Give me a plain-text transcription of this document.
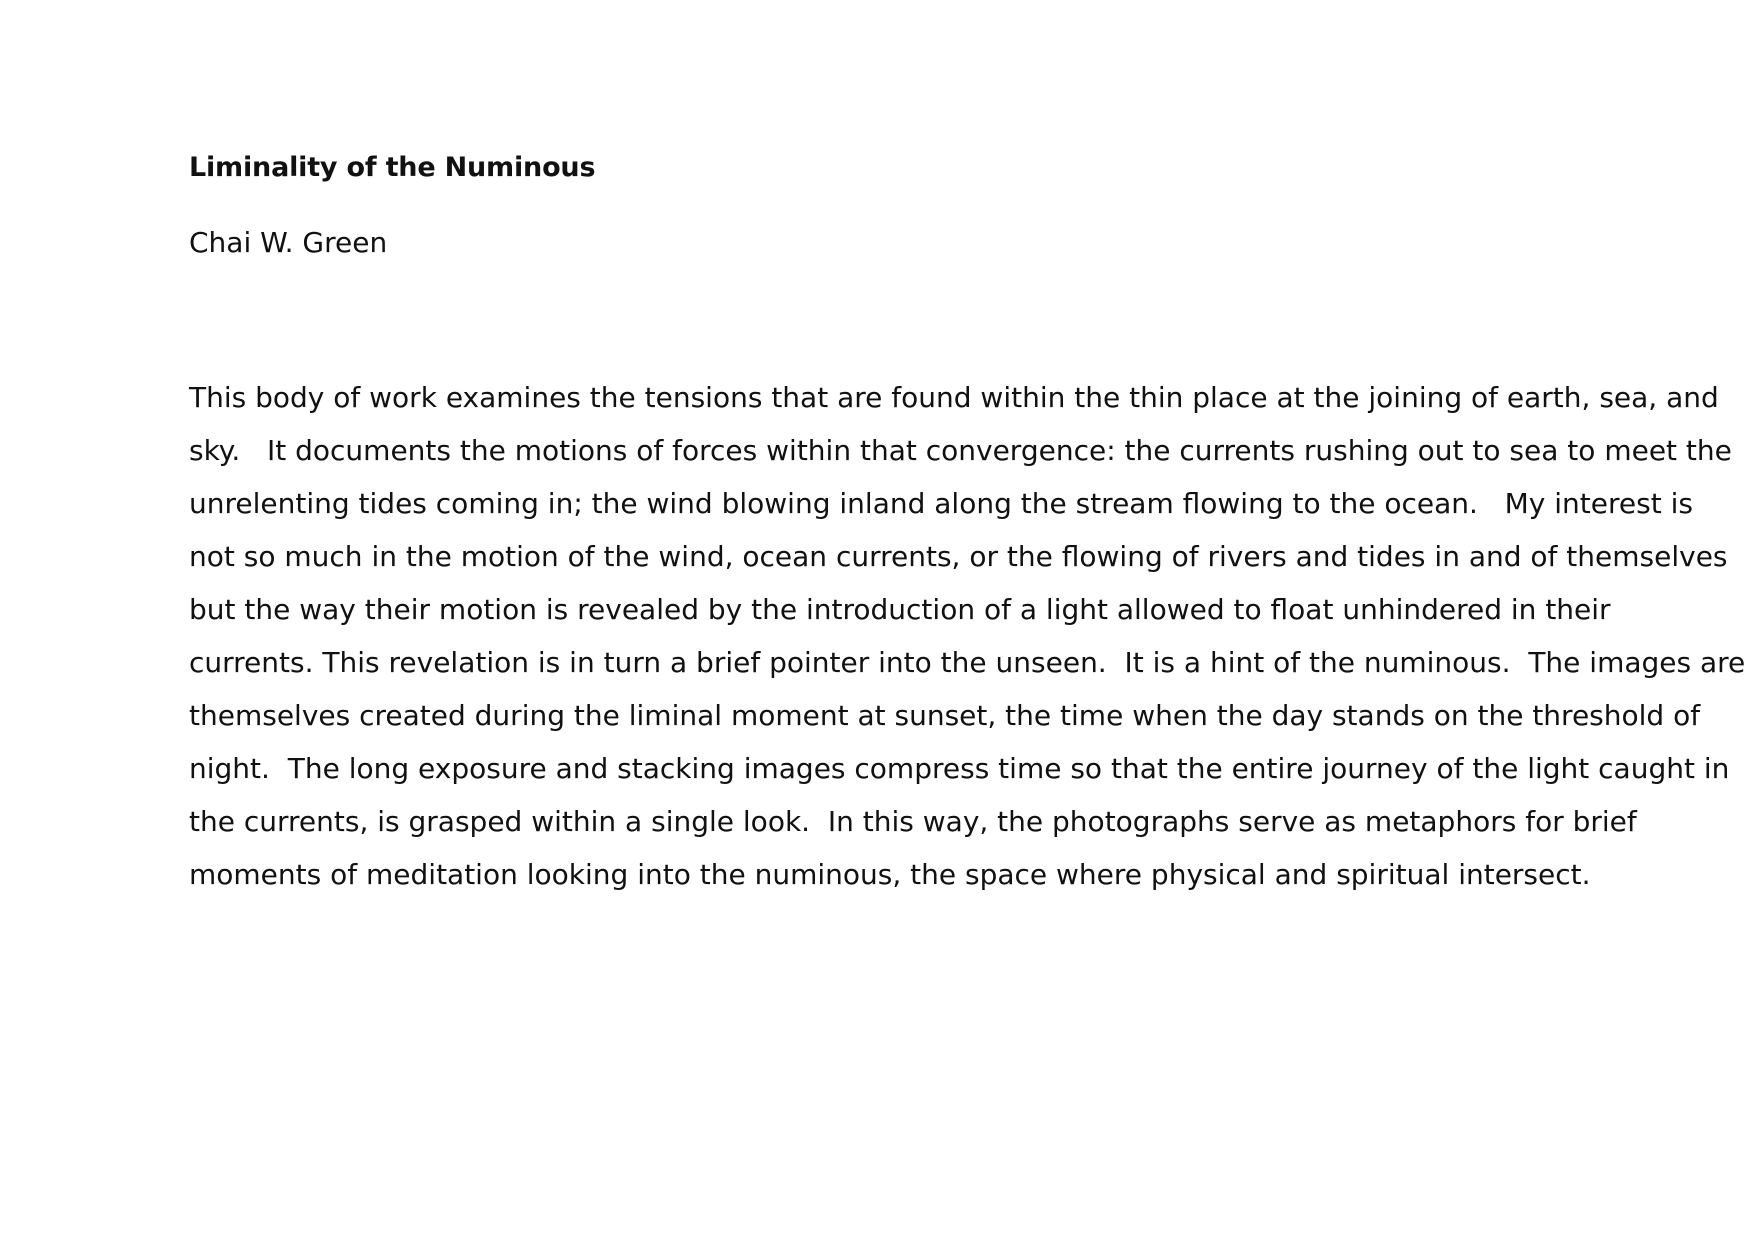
Liminality of the Numinous
Chai W. Green
This body of work examines the tensions that are found within the thin place at the joining of earth, sea, and
sky.   It documents the motions of forces within that convergence: the currents rushing out to sea to meet the
unrelenting tides coming in; the wind blowing inland along the stream flowing to the ocean.   My interest is
not so much in the motion of the wind, ocean currents, or the flowing of rivers and tides in and of themselves
but the way their motion is revealed by the introduction of a light allowed to float unhindered in their
currents. This revelation is in turn a brief pointer into the unseen.  It is a hint of the numinous.  The images are
themselves created during the liminal moment at sunset, the time when the day stands on the threshold of
night.  The long exposure and stacking images compress time so that the entire journey of the light caught in
the currents, is grasped within a single look.  In this way, the photographs serve as metaphors for brief
moments of meditation looking into the numinous, the space where physical and spiritual intersect.
